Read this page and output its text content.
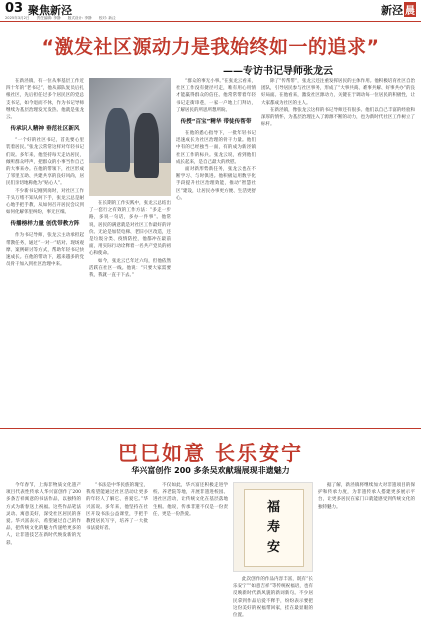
03 聚焦新泾
2025年3月2日 责任编辑: 李静 版式设计: 李静 校对: 新泾
新泾 晨
“激发社区源动力是我始终如一的追求”
——专访书记导师张龙云

在新泾镇，有一位从事基层工作近四十年的“老书记”，他从部队复员后扎根社区，先后担任过多个居民区的党总支书记，如今退而不休，作为书记导师继续为基层治理发光发热。他就是张龙云。

传承识人精神 垂范社区新风

“一个好的社区书记，首先要心里装着居民。”张龙云常常这样对年轻书记们说。多年来，他坚持每天走访居民，倾听群众呼声，把群众的小事当作自己的大事来办。在他的带领下，社区形成了邻里互助、共建共享的良好风尚，居民们亲切地称他为“贴心人”。

不少新书记刚到岗时，对社区工作千头万绪不知从何下手，张龙云总是耐心地手把手教，从如何召开居民会议到如何化解邻里纠纷，事无巨细。

传播榜样力量 创优带教方阵

作为书记导师，张龙云主动承担起带教任务，通过“一对一”结对、现场观摩、案例研讨等方式，帮助年轻书记快速成长。在他的带动下，越来越多的党员骨干加入到社区治理中来。

在长期的工作实践中，张龙云总结出了一套行之有效的工作方法：“多走一步路，多说一句话，多办一件事”。他常说，居民的满意就是对社区工作最好的评价。无论是加装电梯、老旧小区改造，还是垃圾分类、疫情防控，他都冲在最前面，用实际行动诠释着一名共产党员的初心和使命。

如今，张龙云已年过六旬，但他依然活跃在社区一线。他说：“只要大家需要我，我就一直干下去。”

“群众的事无小事。”在张龙云看来，社区工作没有捷径可走，唯有用心用情才能赢得群众的信任。他常常带着年轻书记走街串巷，一家一户地上门拜访，了解居民的所思所想所盼。

传授“百宝”精华 带徒传帮带

在他的悉心指导下，一批年轻书记迅速成长为社区治理的骨干力量。他们中有的已经独当一面，有的成为新泾镇社区工作的标兵。张龙云说，看到他们成长起来，是自己最大的欣慰。

面对新形势新任务，张龙云也在不断学习、与时俱进。他积极运用数字化手段提升社区治理效能，推动“智慧社区”建设，让居民办事更方便、生活更舒心。

除了“传帮带”，张龙云还注重发挥居民的主体作用。他积极培育社区自治团队，引导居民参与社区事务，形成了“大事共商、难事共解、好事共办”的良好局面。在他看来，激发社区源动力，关键在于调动每一位居民的积极性，让大家都成为社区的主人。

在新泾镇，像张龙云这样的书记导师还有很多。他们以自己丰富的经验和深厚的情怀，为基层治理注入了源源不断的动力，也为新时代社区工作树立了标杆。

巴巳如意 长乐安宁
华兴富创作 200 多条吴欢献瑞展现非遗魅力

今年春节，上海非物质文化遗产项目代表性传承人华兴富创作了200多条吉祥寓意的书法作品，以独特的方式为新春送上祝福。这些作品笔法灵动、寓意美好，深受社区居民的喜爱。华兴富表示，希望通过自己的作品，把传统文化的魅力传递给更多的人，让非遗技艺在新时代焕发新的光彩。

“书法是中华民族的瑰宝，我希望能通过社区活动让更多的年轻人了解它、喜爱它。”华兴富说。多年来，他坚持在社区开设书法公益课堂，手把手教授居民写字，培养了一大批书法爱好者。

不仅如此，华兴富还积极走进学校、养老院等地，开展非遗进校园、进社区活动，让传统文化在基层落地生根。他说，传承非遗不仅是一份责任，更是一份热爱。	福
寿
安

此次创作的作品内容丰富，既有“长乐安宁”“如意吉祥”等传统祝福语，也有反映新时代新风貌的新词新句。不少居民拿到作品后爱不释手，纷纷表示要把这份美好的祝福带回家，挂在最显眼的位置。

据了解，新泾镇将继续加大对非遗项目的保护和传承力度，为非遗传承人搭建更多展示平台，让更多居民在家门口就能感受到传统文化的独特魅力。
